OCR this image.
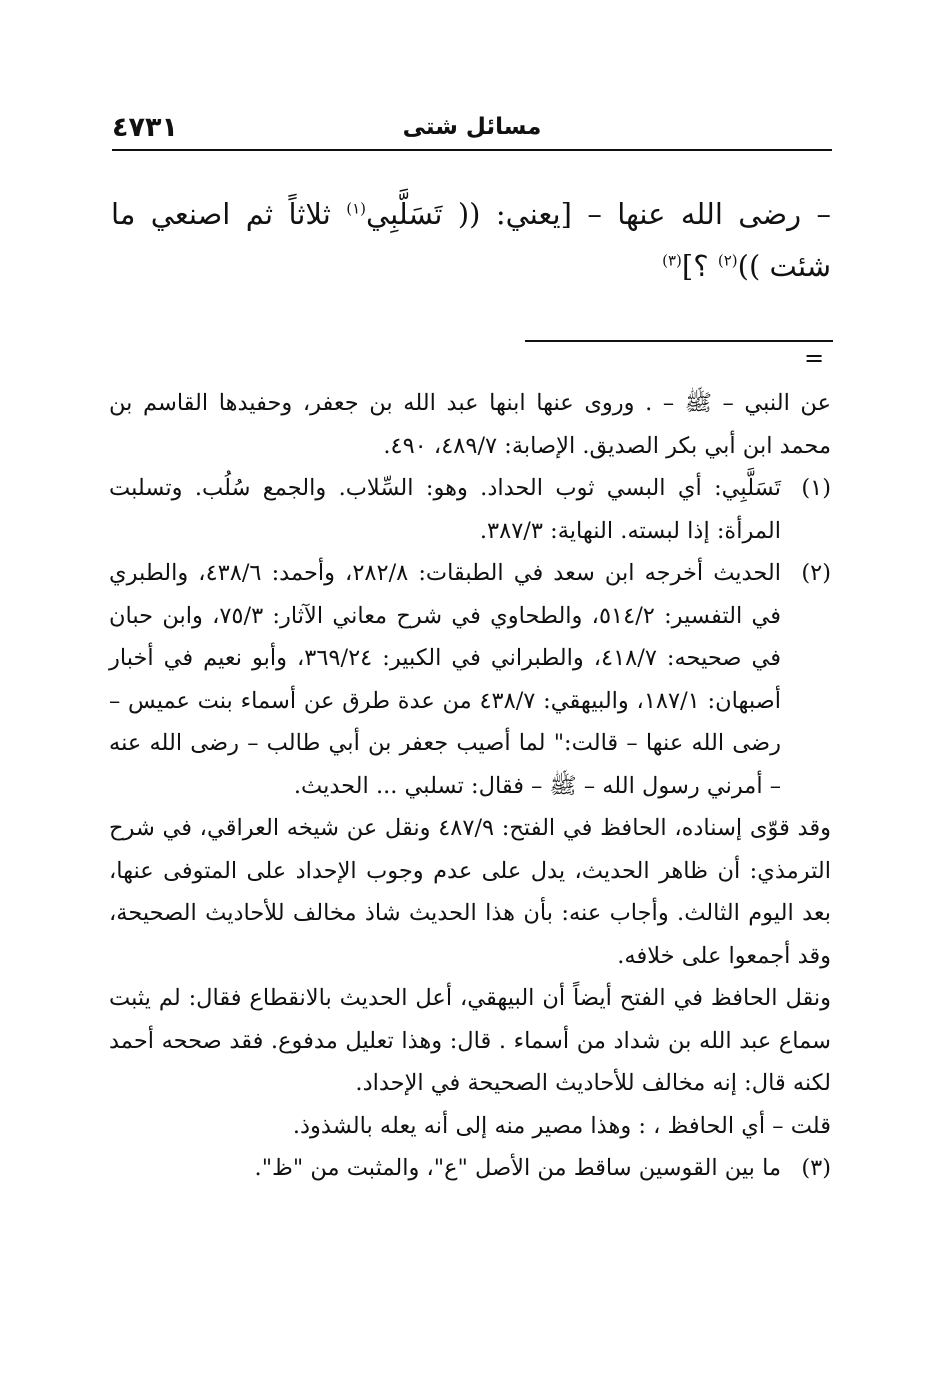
٤٧٣١	مسائل شتى

– رضى الله عنها – [يعني: (( تَسَلَّبِي$^{(١)}$ ثلاثاً ثم اصنعي ما شئت ))$^{(٢)}$ ؟]$^{(٣)}$

=

عن النبي – ﷺ – . وروى عنها ابنها عبد الله بن جعفر، وحفيدها القاسم بن محمد ابن أبي بكر الصديق. الإصابة: ٤٨٩/٧، ٤٩٠.

(١)
تَسَلَّبِي: أي البسي ثوب الحداد. وهو: السِّلاب. والجمع سُلُب. وتسلبت المرأة: إذا لبسته. النهاية: ٣٨٧/٣.
(٢)
الحديث أخرجه ابن سعد في الطبقات: ٢٨٢/٨، وأحمد: ٤٣٨/٦، والطبري في التفسير: ٥١٤/٢، والطحاوي في شرح معاني الآثار: ٧٥/٣، وابن حبان في صحيحه: ٤١٨/٧، والطبراني في الكبير: ٣٦٩/٢٤، وأبو نعيم في أخبار أصبهان: ١٨٧/١، والبيهقي: ٤٣٨/٧ من عدة طرق عن أسماء بنت عميس – رضى الله عنها – قالت:" لما أصيب جعفر بن أبي طالب – رضى الله عنه – أمرني رسول الله – ﷺ – فقال: تسلبي ... الحديث.

وقد قوّى إسناده، الحافظ في الفتح: ٤٨٧/٩ ونقل عن شيخه العراقي، في شرح الترمذي: أن ظاهر الحديث، يدل على عدم وجوب الإحداد على المتوفى عنها، بعد اليوم الثالث. وأجاب عنه: بأن هذا الحديث شاذ مخالف للأحاديث الصحيحة، وقد أجمعوا على خلافه.

ونقل الحافظ في الفتح أيضاً أن البيهقي، أعل الحديث بالانقطاع فقال: لم يثبت سماع عبد الله بن شداد من أسماء . قال: وهذا تعليل مدفوع. فقد صححه أحمد لكنه قال: إنه مخالف للأحاديث الصحيحة في الإحداد.

قلت – أي الحافظ ، : وهذا مصير منه إلى أنه يعله بالشذوذ.

(٣)
ما بين القوسين ساقط من الأصل "ع"، والمثبت من "ظ".
